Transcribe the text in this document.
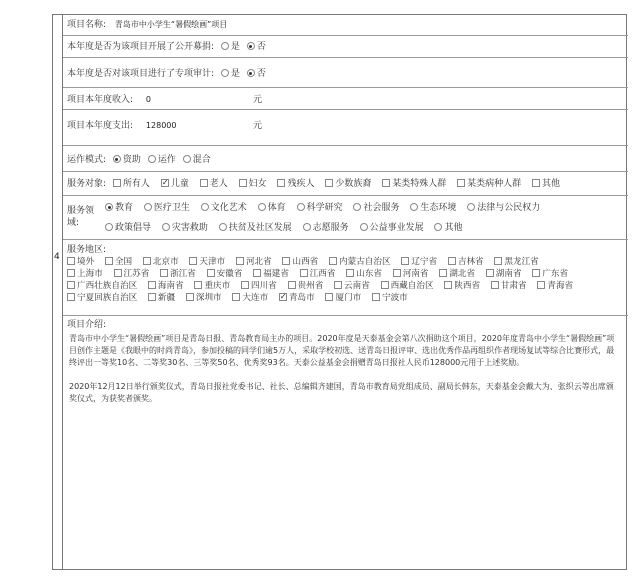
4
项目名称: 青岛市中小学生“暑假绘画”项目
本年度是否为该项目开展了公开募捐: 是 否
本年度是否对该项目进行了专项审计: 是 否
项目本年度收入: 0	元
项目本年度支出: 128000	元
运作模式: 资助 运作 混合
服务对象: 所有人 ✓ 儿童 老人 妇女 残疾人 少数族裔 某类特殊人群 某类病种人群 其他
服务领
域:
教育 医疗卫生 文化艺术 体育 科学研究 社会服务 生态环境 法律与公民权力
政策倡导 灾害救助 扶贫及社区发展 志愿服务 公益事业发展 其他
服务地区:
境外 全国 北京市 天津市 河北省 山西省 内蒙古自治区 辽宁省 吉林省 黑龙江省
上海市 江苏省 浙江省 安徽省 福建省 江西省 山东省 河南省 湖北省 湖南省 广东省
广西壮族自治区 海南省 重庆市 四川省 贵州省 云南省 西藏自治区 陕西省 甘肃省 青海省
宁夏回族自治区 新疆 深圳市 大连市 ✓ 青岛市 厦门市 宁波市
项目介绍:

青岛市中小学生“暑假绘画”项目是青岛日报、青岛教育局主办的项目。2020年度是天泰基金会第八次捐助这个项目，2020年度青岛中小学生“暑假绘画”项目创作主题是《我眼中的时尚青岛》，参加投稿的同学们逾5万人，采取学校初选、送青岛日报评审、选出优秀作品再组织作者现场复试等综合比赛形式，最终评出一等奖10名、二等奖30名、三等奖50名、优秀奖93名。天泰公益基金会捐赠青岛日报社人民币128000元用于上述奖励。

2020年12月12日举行颁奖仪式，青岛日报社党委书记、社长、总编辑齐建国，青岛市教育局党组成员、副局长韩东，天泰基金会戴大为、张织云等出席颁奖仪式，为获奖者颁奖。
